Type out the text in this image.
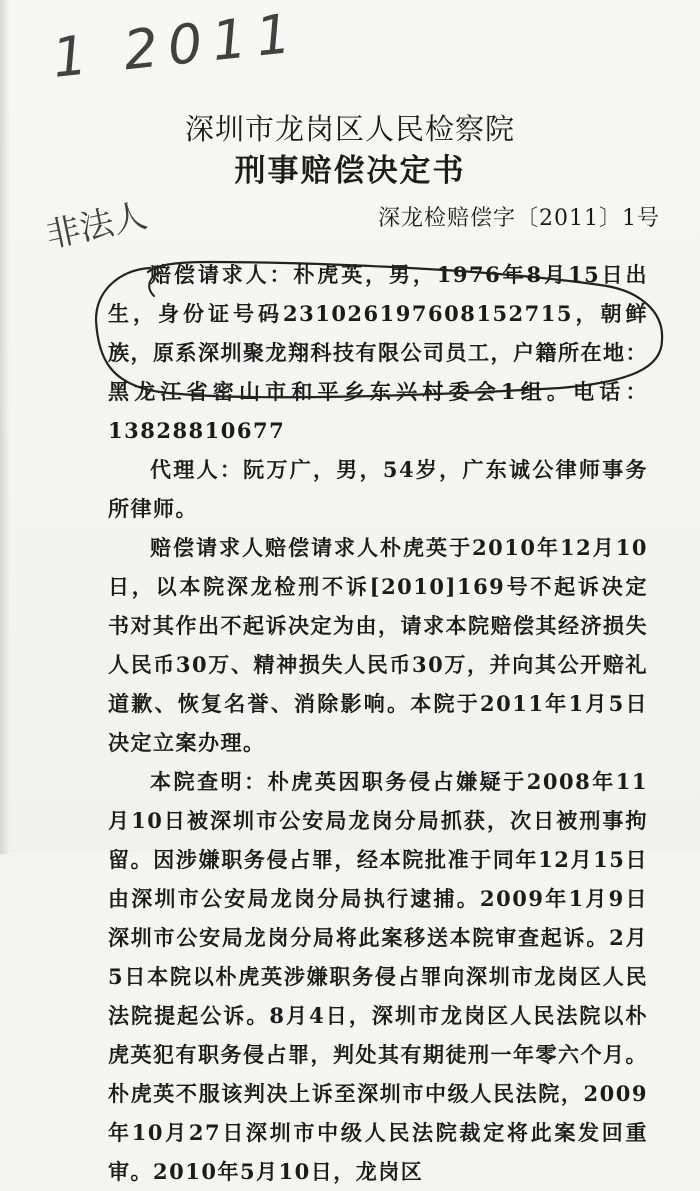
1 2011
非法人
深圳市龙岗区人民检察院
刑事赔偿决定书
深龙检赔偿字〔2011〕1号

赔偿请求人：朴虎英，男，1976年8月15日出生，身份证号码231026197608152715，朝鲜族，原系深圳聚龙翔科技有限公司员工，户籍所在地：黑龙江省密山市和平乡东兴村委会1组。电话：13828810677

代理人：阮万广，男，54岁，广东诚公律师事务所律师。

赔偿请求人赔偿请求人朴虎英于2010年12月10日，以本院深龙检刑不诉[2010]169号不起诉决定书对其作出不起诉决定为由，请求本院赔偿其经济损失人民币30万、精神损失人民币30万，并向其公开赔礼道歉、恢复名誉、消除影响。本院于2011年1月5日决定立案办理。

本院查明：朴虎英因职务侵占嫌疑于2008年11月10日被深圳市公安局龙岗分局抓获，次日被刑事拘留。因涉嫌职务侵占罪，经本院批准于同年12月15日由深圳市公安局龙岗分局执行逮捕。2009年1月9日深圳市公安局龙岗分局将此案移送本院审查起诉。2月5日本院以朴虎英涉嫌职务侵占罪向深圳市龙岗区人民法院提起公诉。8月4日，深圳市龙岗区人民法院以朴虎英犯有职务侵占罪，判处其有期徒刑一年零六个月。朴虎英不服该判决上诉至深圳市中级人民法院，2009年10月27日深圳市中级人民法院裁定将此案发回重审。2010年5月10日，龙岗区
